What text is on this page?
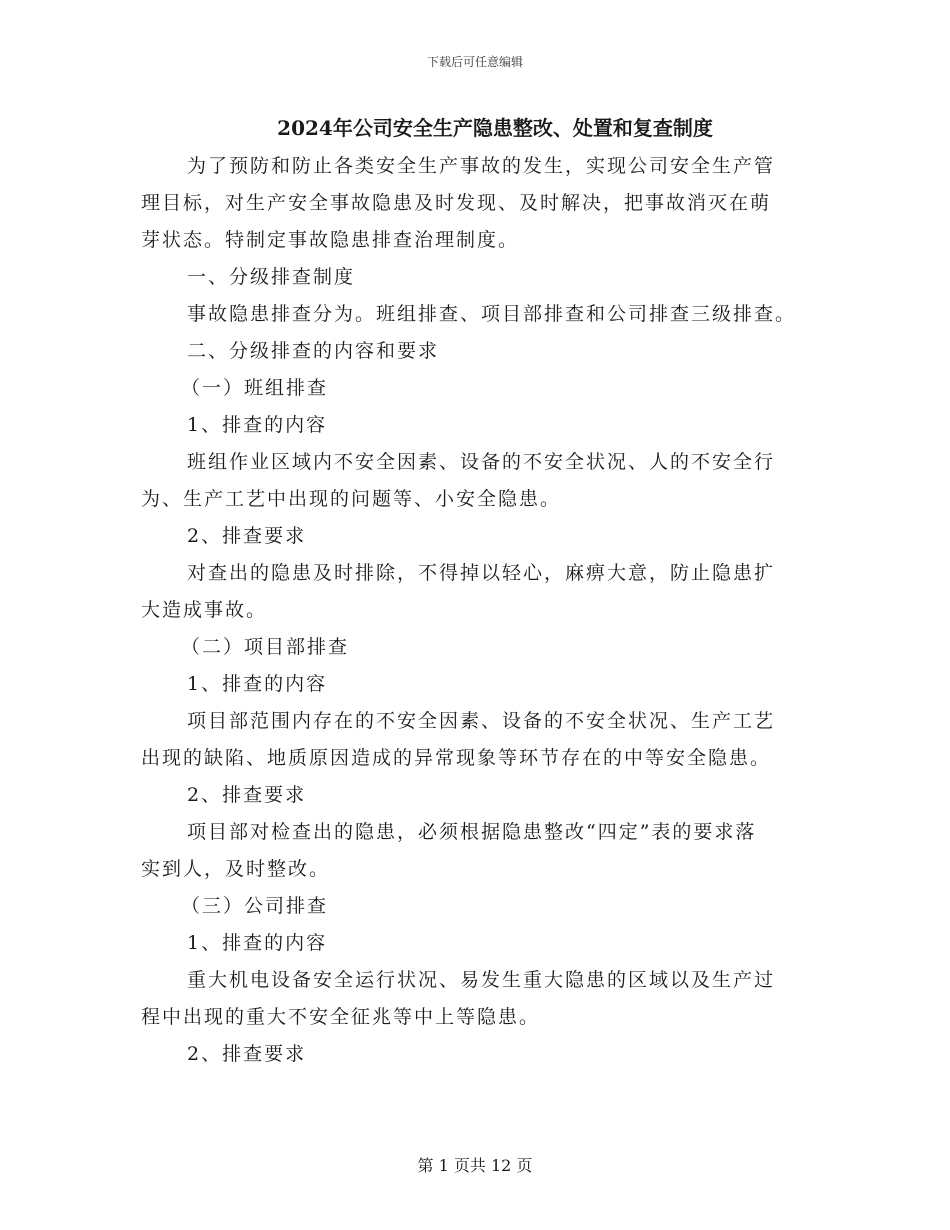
下载后可任意编辑
2024年公司安全生产隐患整改、处置和复查制度

为了预防和防止各类安全生产事故的发生，实现公司安全生产管

理目标，对生产安全事故隐患及时发现、及时解决，把事故消灭在萌

芽状态。特制定事故隐患排查治理制度。

一、分级排查制度

事故隐患排查分为。班组排查、项目部排查和公司排查三级排查。

二、分级排查的内容和要求

（一）班组排查

1、排查的内容

班组作业区域内不安全因素、设备的不安全状况、人的不安全行

为、生产工艺中出现的问题等、小安全隐患。

2、排查要求

对查出的隐患及时排除，不得掉以轻心，麻痹大意，防止隐患扩

大造成事故。

（二）项目部排查

1、排查的内容

项目部范围内存在的不安全因素、设备的不安全状况、生产工艺

出现的缺陷、地质原因造成的异常现象等环节存在的中等安全隐患。

2、排查要求

项目部对检查出的隐患，必须根据隐患整改“四定”表的要求落

实到人，及时整改。

（三）公司排查

1、排查的内容

重大机电设备安全运行状况、易发生重大隐患的区域以及生产过

程中出现的重大不安全征兆等中上等隐患。

2、排查要求

第 1 页共 12 页
